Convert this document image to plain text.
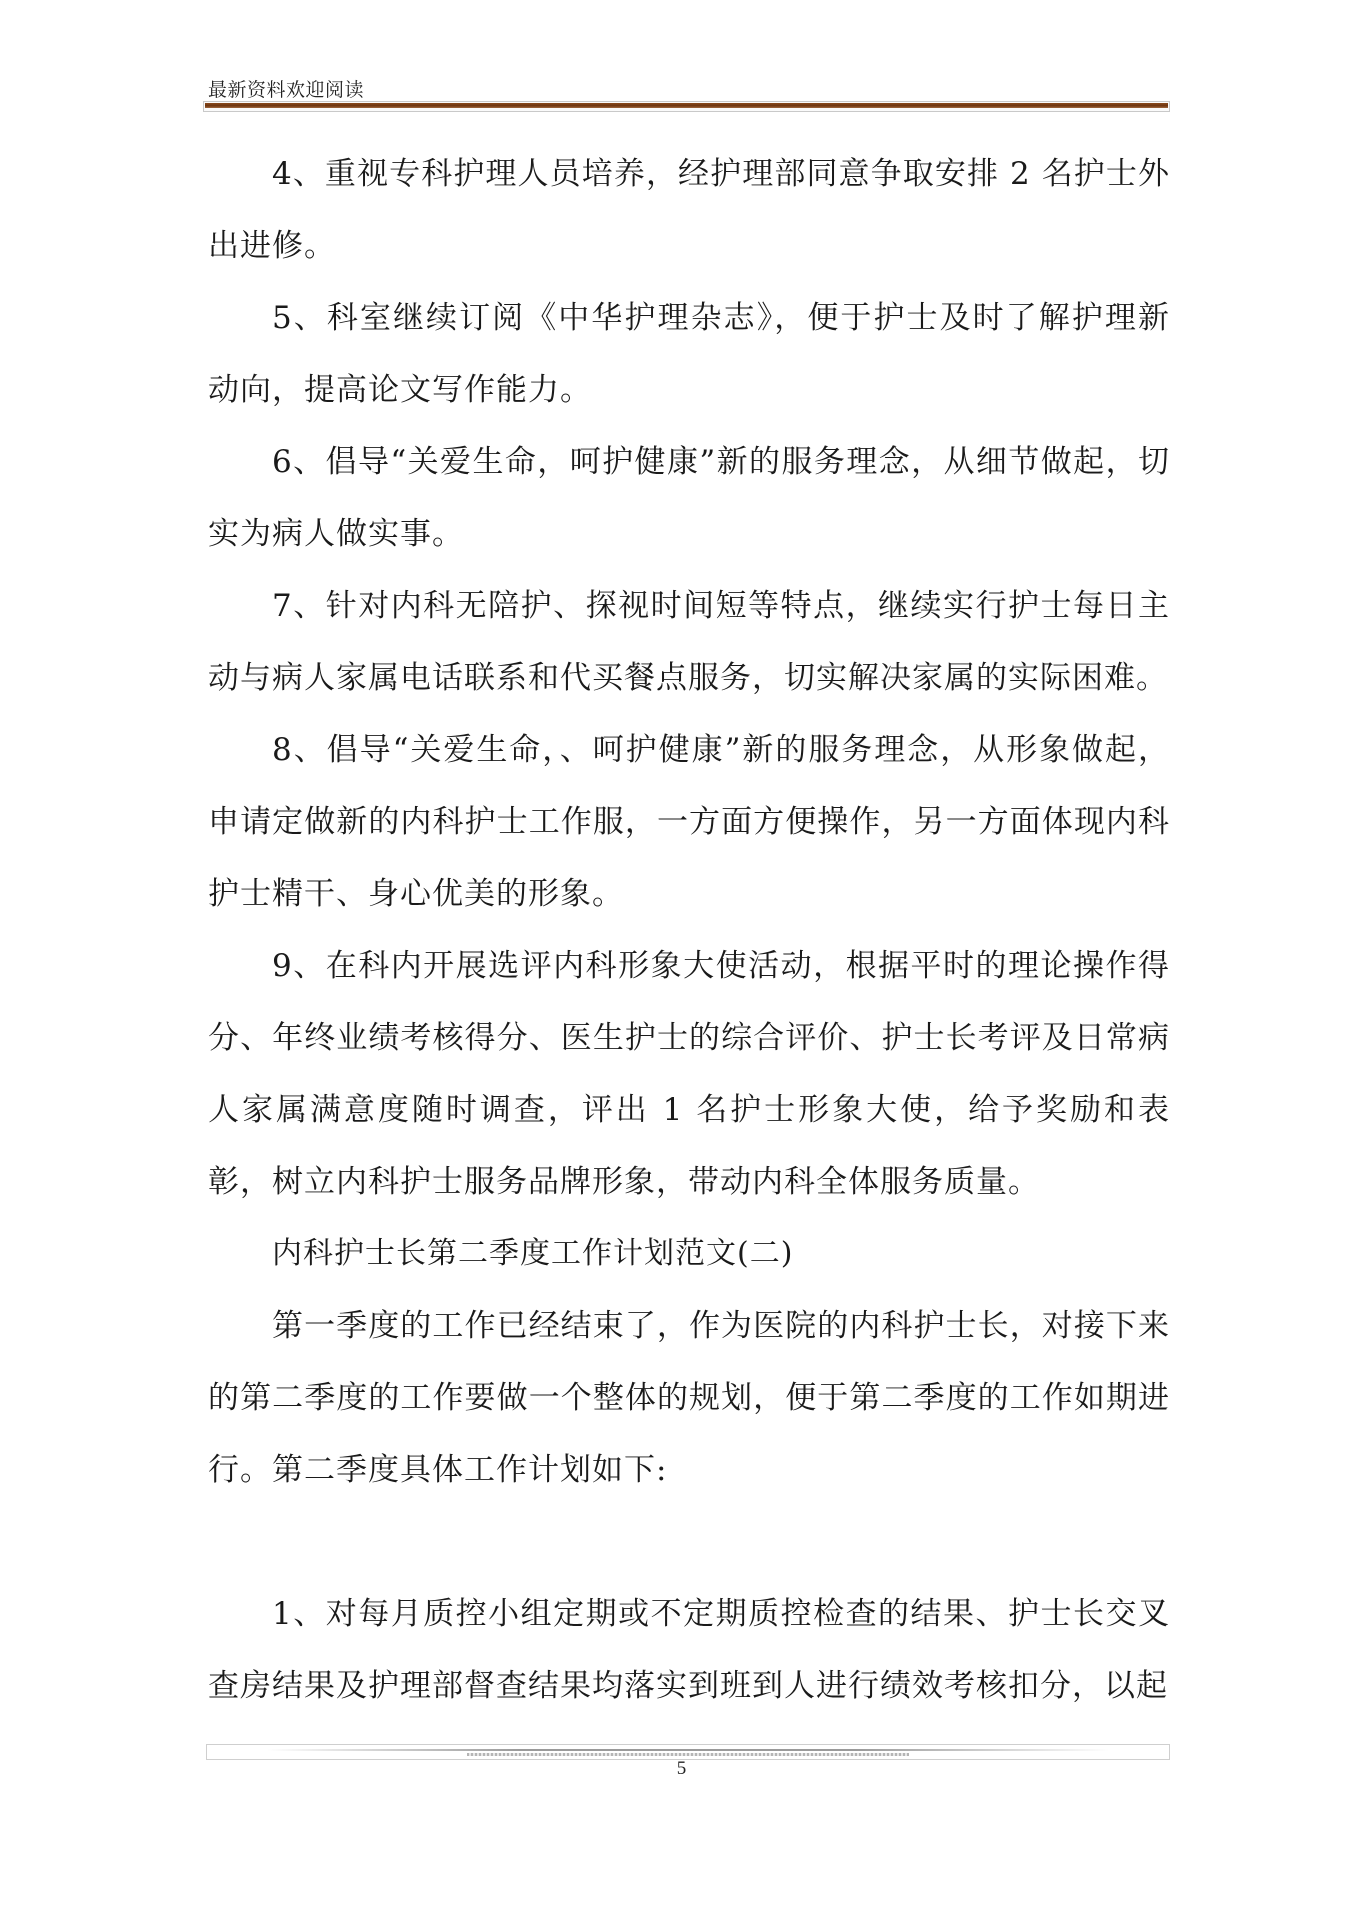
最新资料欢迎阅读

4、重视专科护理人员培养，经护理部同意争取安排 2 名护士外出进修。

5、科室继续订阅《中华护理杂志》，便于护士及时了解护理新动向，提高论文写作能力。

6、倡导“关爱生命，呵护健康”新的服务理念，从细节做起，切实为病人做实事。

7、针对内科无陪护、探视时间短等特点，继续实行护士每日主动与病人家属电话联系和代买餐点服务，切实解决家属的实际困难。

8、倡导“关爱生命，、呵护健康”新的服务理念，从形象做起，申请定做新的内科护士工作服，一方面方便操作，另一方面体现内科护士精干、身心优美的形象。

9、在科内开展选评内科形象大使活动，根据平时的理论操作得分、年终业绩考核得分、医生护士的综合评价、护士长考评及日常病人家属满意度随时调查，评出 1 名护士形象大使，给予奖励和表彰，树立内科护士服务品牌形象，带动内科全体服务质量。

内科护士长第二季度工作计划范文(二)

第一季度的工作已经结束了，作为医院的内科护士长，对接下来的第二季度的工作要做一个整体的规划，便于第二季度的工作如期进行。第二季度具体工作计划如下:

1、对每月质控小组定期或不定期质控检查的结果、护士长交叉查房结果及护理部督查结果均落实到班到人进行绩效考核扣分，以起

5
